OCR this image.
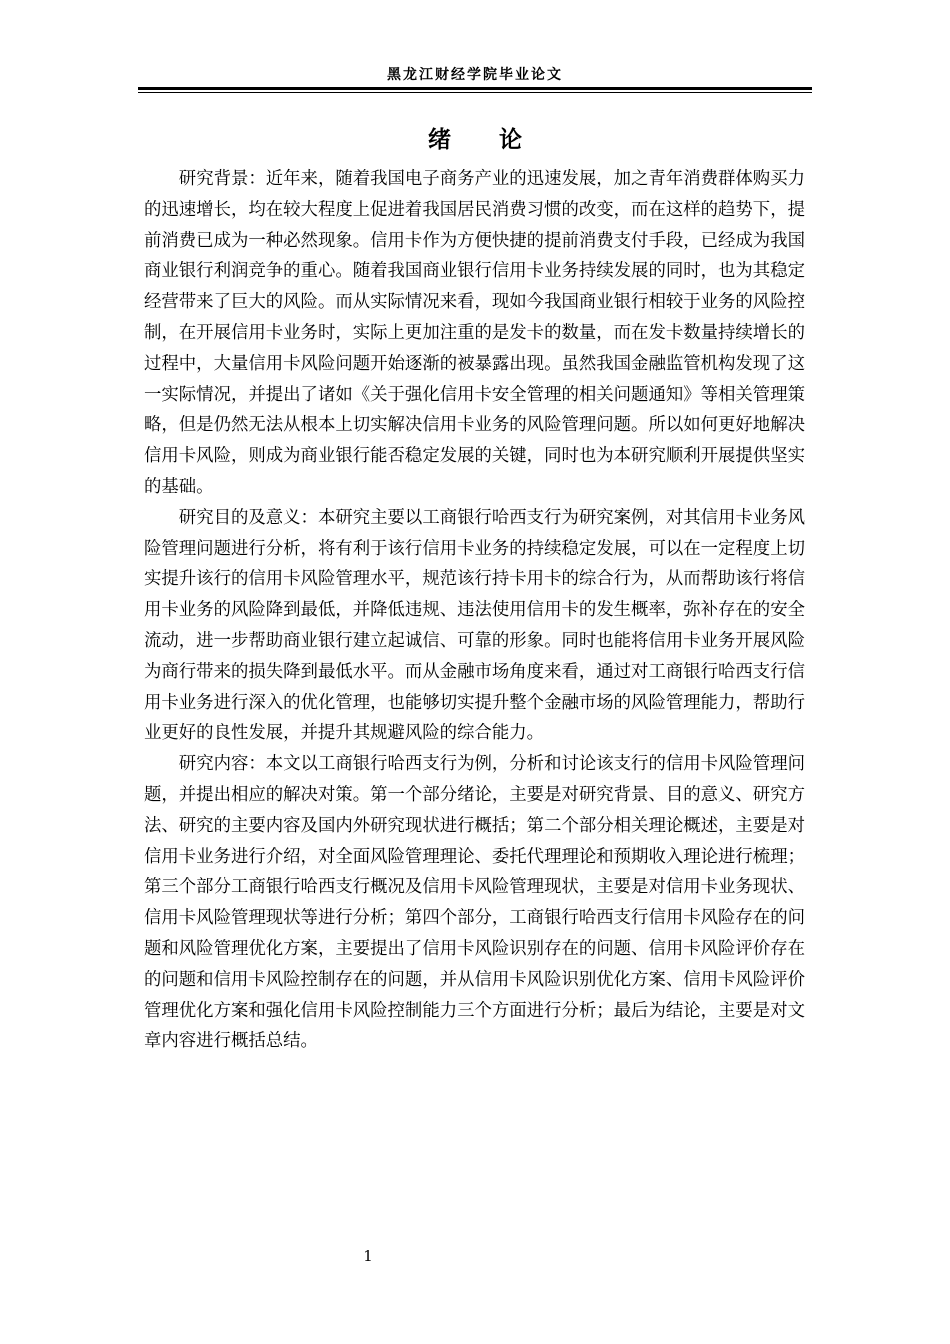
黑龙江财经学院毕业论文
绪 论

研究背景：近年来，随着我国电子商务产业的迅速发展，加之青年消费群体购买力的迅速增长，均在较大程度上促进着我国居民消费习惯的改变，而在这样的趋势下，提前消费已成为一种必然现象。信用卡作为方便快捷的提前消费支付手段，已经成为我国商业银行利润竞争的重心。随着我国商业银行信用卡业务持续发展的同时，也为其稳定经营带来了巨大的风险。而从实际情况来看，现如今我国商业银行相较于业务的风险控制，在开展信用卡业务时，实际上更加注重的是发卡的数量，而在发卡数量持续增长的过程中，大量信用卡风险问题开始逐渐的被暴露出现。虽然我国金融监管机构发现了这一实际情况，并提出了诸如《关于强化信用卡安全管理的相关问题通知》等相关管理策略，但是仍然无法从根本上切实解决信用卡业务的风险管理问题。所以如何更好地解决信用卡风险，则成为商业银行能否稳定发展的关键，同时也为本研究顺利开展提供坚实的基础。

研究目的及意义：本研究主要以工商银行哈西支行为研究案例，对其信用卡业务风险管理问题进行分析，将有利于该行信用卡业务的持续稳定发展，可以在一定程度上切实提升该行的信用卡风险管理水平，规范该行持卡用卡的综合行为，从而帮助该行将信用卡业务的风险降到最低，并降低违规、违法使用信用卡的发生概率，弥补存在的安全流动，进一步帮助商业银行建立起诚信、可靠的形象。同时也能将信用卡业务开展风险为商行带来的损失降到最低水平。而从金融市场角度来看，通过对工商银行哈西支行信用卡业务进行深入的优化管理，也能够切实提升整个金融市场的风险管理能力，帮助行业更好的良性发展，并提升其规避风险的综合能力。

研究内容：本文以工商银行哈西支行为例，分析和讨论该支行的信用卡风险管理问题，并提出相应的解决对策。第一个部分绪论，主要是对研究背景、目的意义、研究方法、研究的主要内容及国内外研究现状进行概括；第二个部分相关理论概述，主要是对信用卡业务进行介绍，对全面风险管理理论、委托代理理论和预期收入理论进行梳理；第三个部分工商银行哈西支行概况及信用卡风险管理现状，主要是对信用卡业务现状、信用卡风险管理现状等进行分析；第四个部分，工商银行哈西支行信用卡风险存在的问题和风险管理优化方案，主要提出了信用卡风险识别存在的问题、信用卡风险评价存在的问题和信用卡风险控制存在的问题，并从信用卡风险识别优化方案、信用卡风险评价管理优化方案和强化信用卡风险控制能力三个方面进行分析；最后为结论，主要是对文章内容进行概括总结。

1
